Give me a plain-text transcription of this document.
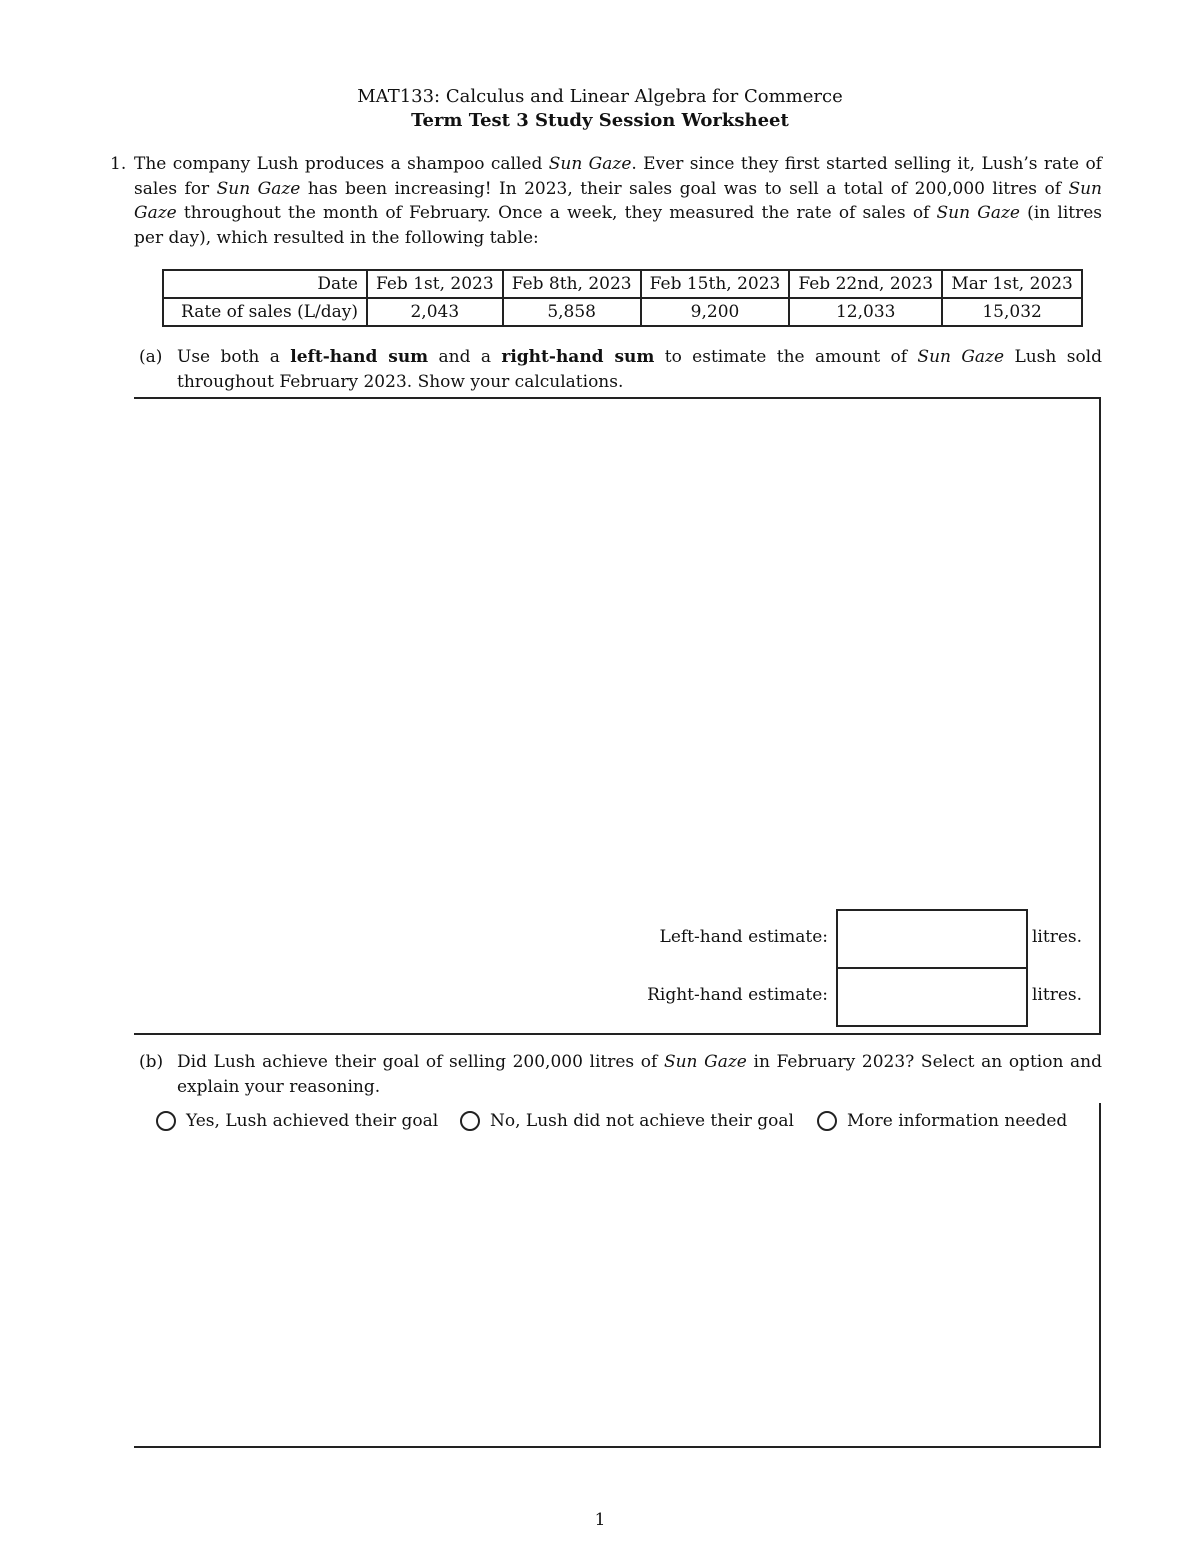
MAT133: Calculus and Linear Algebra for Commerce
Term Test 3 Study Session Worksheet
1. The company Lush produces a shampoo called Sun Gaze. Ever since they first started selling it, Lush’s rate of sales for Sun Gaze has been increasing! In 2023, their sales goal was to sell a total of 200,000 litres of Sun Gaze throughout the month of February. Once a week, they measured the rate of sales of Sun Gaze (in litres per day), which resulted in the following table:
Date	Feb 1st, 2023	Feb 8th, 2023	Feb 15th, 2023	Feb 22nd, 2023	Mar 1st, 2023
Rate of sales (L/day)	2,043	5,858	9,200	12,033	15,032
(a) Use both a left-hand sum and a right-hand sum to estimate the amount of Sun Gaze Lush sold throughout February 2023. Show your calculations.
Left-hand estimate:	litres.
Right-hand estimate:	litres.
(b) Did Lush achieve their goal of selling 200,000 litres of Sun Gaze in February 2023? Select an option and explain your reasoning.
Yes, Lush achieved their goal	No, Lush did not achieve their goal	More information needed
1
